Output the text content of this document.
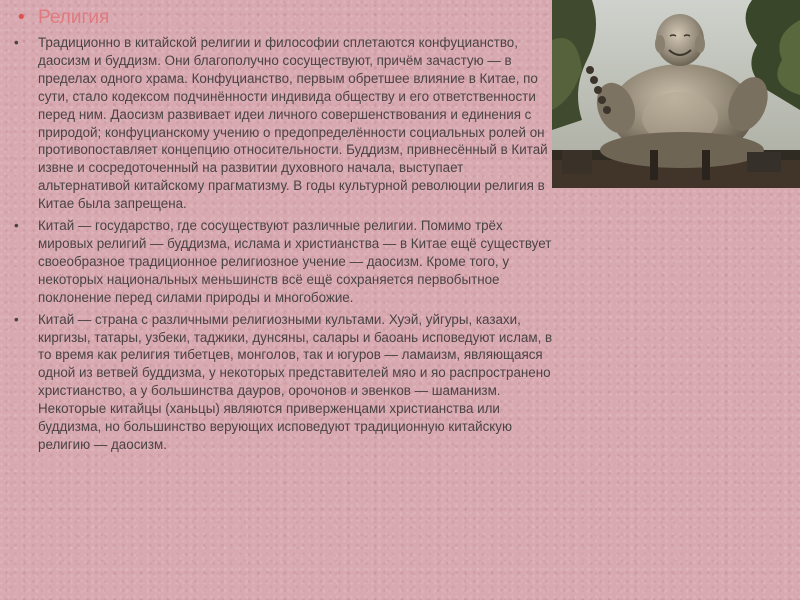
• Религия
•	Традиционно в китайской религии и философии сплетаются конфуцианство, даосизм и буддизм. Они благополучно сосуществуют, причём зачастую — в пределах одного храма. Конфуцианство, первым обретшее влияние в Китае, по сути, стало кодексом подчинённости индивида обществу и его ответственности перед ним. Даосизм развивает идеи личного совершенствования и единения с природой; конфуцианскому учению о предопределённости социальных ролей он противопоставляет концепцию относительности. Буддизм, привнесённый в Китай извне и сосредоточенный на развитии духовного начала, выступает альтернативой китайскому прагматизму. В годы культурной революции религия в Китае была запрещена.
•	Китай — государство, где сосуществуют различные религии. Помимо трёх мировых религий — буддизма, ислама и христианства — в Китае ещё существует своеобразное традиционное религиозное учение — даосизм. Кроме того, у некоторых национальных меньшинств всё ещё сохраняется первобытное поклонение перед силами природы и многобожие.
•	Китай — страна с различными религиозными культами. Хуэй, уйгуры, казахи, киргизы, татары, узбеки, таджики, дунсяны, салары и баоань исповедуют ислам, в то время как религия тибетцев, монголов, так и югуров — ламаизм, являющаяся одной из ветвей буддизма, у некоторых представителей мяо и яо распространено христианство, а у большинства дауров, орочонов и эвенков — шаманизм. Некоторые китайцы (ханьцы) являются приверженцами христианства или буддизма, но большинство верующих исповедуют традиционную китайскую религию — даосизм.
